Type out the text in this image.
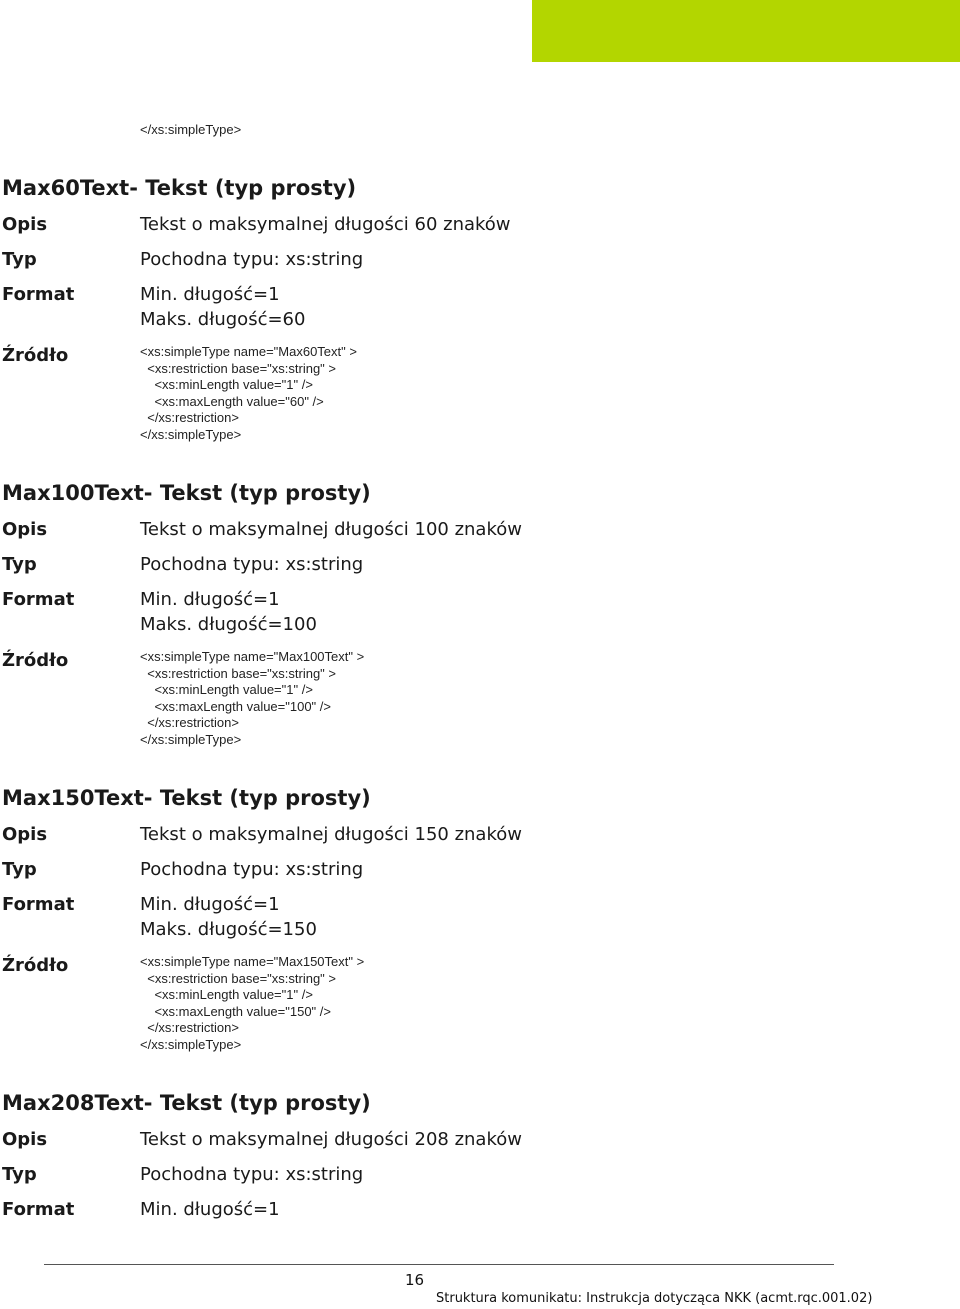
</xs:simpleType>
Max60Text- Tekst (typ prosty)
Opis	Tekst o maksymalnej długości 60 znaków
Typ	Pochodna typu: xs:string
Format	Min. długość=1
Maks. długość=60
Źródło	<xs:simpleType name="Max60Text" >
<xs:restriction base="xs:string" >
<xs:minLength value="1" />
<xs:maxLength value="60" />
</xs:restriction>
</xs:simpleType>
Max100Text- Tekst (typ prosty)
Opis	Tekst o maksymalnej długości 100 znaków
Typ	Pochodna typu: xs:string
Format	Min. długość=1
Maks. długość=100
Źródło	<xs:simpleType name="Max100Text" >
<xs:restriction base="xs:string" >
<xs:minLength value="1" />
<xs:maxLength value="100" />
</xs:restriction>
</xs:simpleType>
Max150Text- Tekst (typ prosty)
Opis	Tekst o maksymalnej długości 150 znaków
Typ	Pochodna typu: xs:string
Format	Min. długość=1
Maks. długość=150
Źródło	<xs:simpleType name="Max150Text" >
<xs:restriction base="xs:string" >
<xs:minLength value="1" />
<xs:maxLength value="150" />
</xs:restriction>
</xs:simpleType>
Max208Text- Tekst (typ prosty)
Opis	Tekst o maksymalnej długości 208 znaków
Typ	Pochodna typu: xs:string
Format	Min. długość=1
16
Struktura komunikatu: Instrukcja dotycząca NKK (acmt.rqc.001.02)
